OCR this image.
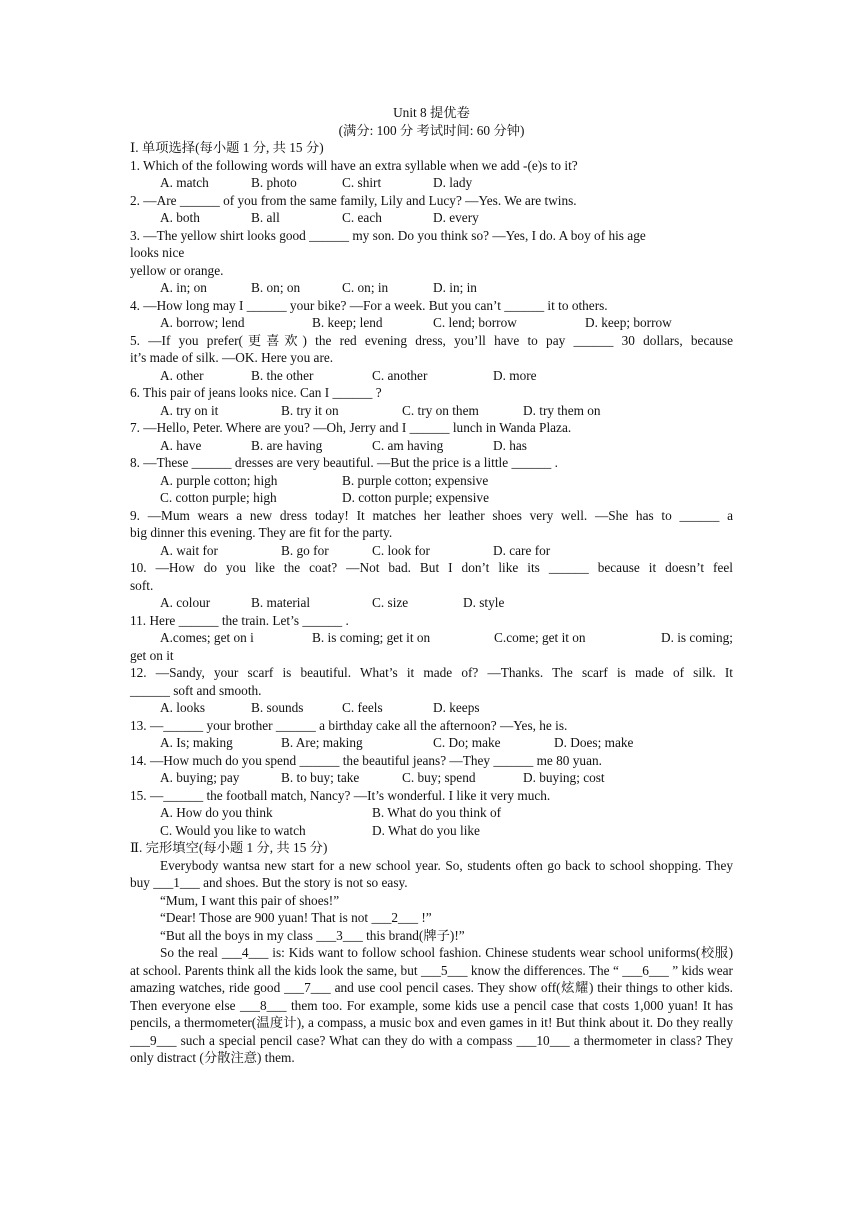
Unit 8 提优卷
(满分: 100 分 考试时间: 60 分钟)
Ⅰ. 单项选择(每小题 1 分, 共 15 分)
1. Which of the following words will have an extra syllable when we add -(e)s to it?
A. match	B. photo	C. shirt	D. lady
2. —Are ______ of you from the same family, Lily and Lucy? —Yes. We are twins.
A. both	B. all	C. each	D. every
3. —The yellow shirt looks good ______ my son. Do you think so? —Yes, I do. A boy of his age
looks nice
yellow or orange.
A. in; on	B. on; on	C. on; in	D. in; in
4. —How long may I ______ your bike? —For a week. But you can’t ______ it to others.
A. borrow; lend	B. keep; lend	C. lend; borrow	D. keep; borrow
5. —If you prefer(更喜欢) the red evening dress, you’ll have to pay ______ 30 dollars, because
it’s made of silk. —OK. Here you are.
A. other	B. the other	C. another	D. more
6. This pair of jeans looks nice. Can I ______ ?
A. try on it	B. try it on	C. try on them	D. try them on
7. —Hello, Peter. Where are you? —Oh, Jerry and I ______ lunch in Wanda Plaza.
A. have	B. are having	C. am having	D. has
8. —These ______ dresses are very beautiful. —But the price is a little ______ .
A. purple cotton; high	B. purple cotton; expensive
C. cotton purple; high	D. cotton purple; expensive
9. —Mum wears a new dress today! It matches her leather shoes very well. —She has to ______ a
big dinner this evening. They are fit for the party.
A. wait for	B. go for	C. look for	D. care for
10. —How do you like the coat? —Not bad. But I don’t like its ______ because it doesn’t feel
soft.
A. colour	B. material	C. size	D. style
11. Here ______ the train. Let’s ______ .
A.comes; get on i	B. is coming; get it on	C.come; get it on	D. is coming;
get on it
12. —Sandy, your scarf is beautiful. What’s it made of? —Thanks. The scarf is made of silk. It
______ soft and smooth.
A. looks	B. sounds	C. feels	D. keeps
13. —______ your brother ______ a birthday cake all the afternoon? —Yes, he is.
A. Is; making	B. Are; making	C. Do; make	D. Does; make
14. —How much do you spend ______ the beautiful jeans? —They ______ me 80 yuan.
A. buying; pay	B. to buy; take	C. buy; spend	D. buying; cost
15. —______ the football match, Nancy? —It’s wonderful. I like it very much.
A. How do you think	B. What do you think of
C. Would you like to watch	D. What do you like
Ⅱ. 完形填空(每小题 1 分, 共 15 分)
Everybody wantsa new start for a new school year. So, students often go back to school shopping. They buy ___1___ and shoes. But the story is not so easy.
“Mum, I want this pair of shoes!”
“Dear! Those are 900 yuan! That is not ___2___ !”
“But all the boys in my class ___3___ this brand(牌子)!”
So the real ___4___ is: Kids want to follow school fashion. Chinese students wear school uniforms(校服) at school. Parents think all the kids look the same, but ___5___ know the differences. The “ ___6___ ” kids wear amazing watches, ride good ___7___ and use cool pencil cases. They show off(炫耀) their things to other kids. Then everyone else ___8___ them too. For example, some kids use a pencil case that costs 1,000 yuan! It has pencils, a thermometer(温度计), a compass, a music box and even games in it! But think about it. Do they really ___9___ such a special pencil case? What can they do with a compass ___10___ a thermometer in class? They only distract (分散注意) them.
